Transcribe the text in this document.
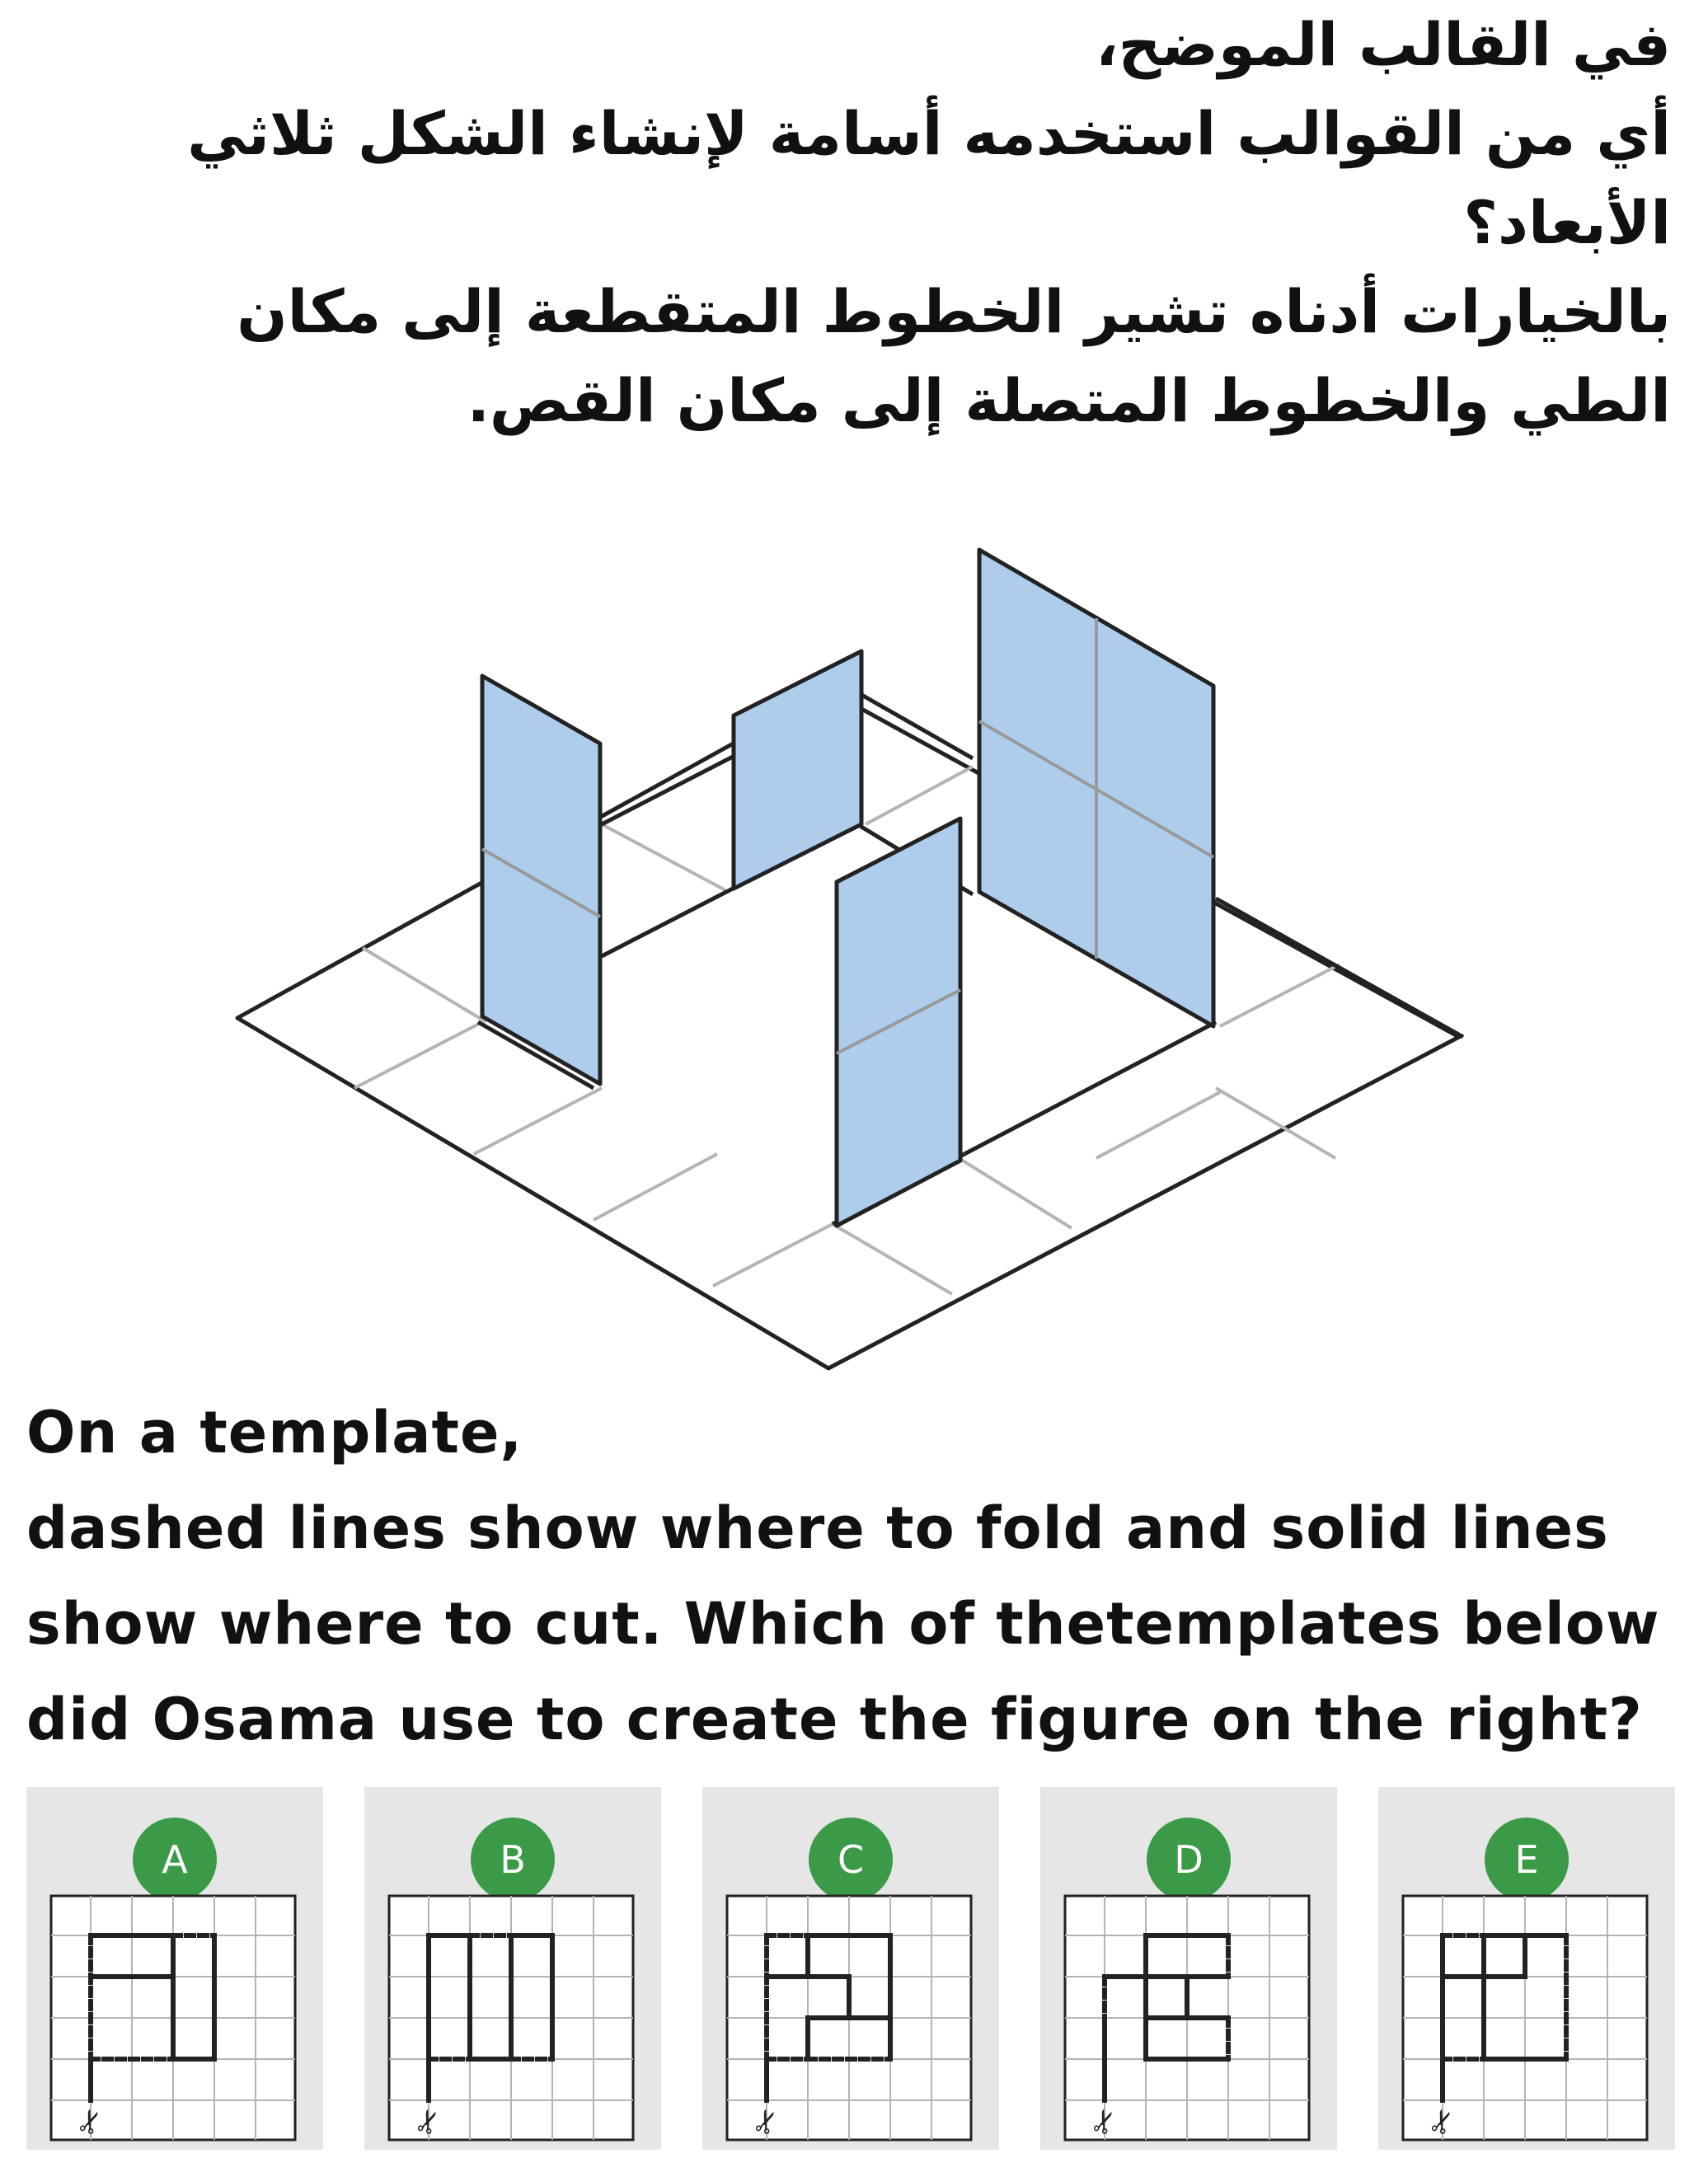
في القالب الموضح،
أي من القوالب استخدمه أسامة لإنشاء الشكل ثلاثي
الأبعاد؟
بالخيارات أدناه تشير الخطوط المتقطعة إلى مكان
الطي والخطوط المتصلة إلى مكان القص.
On a template,
dashed lines show where to fold and solid lines
show where to cut. Which of thetemplates below
did Osama use to create the figure on the right?
A
✂
B
✂
C
✂
D
✂
E
✂
